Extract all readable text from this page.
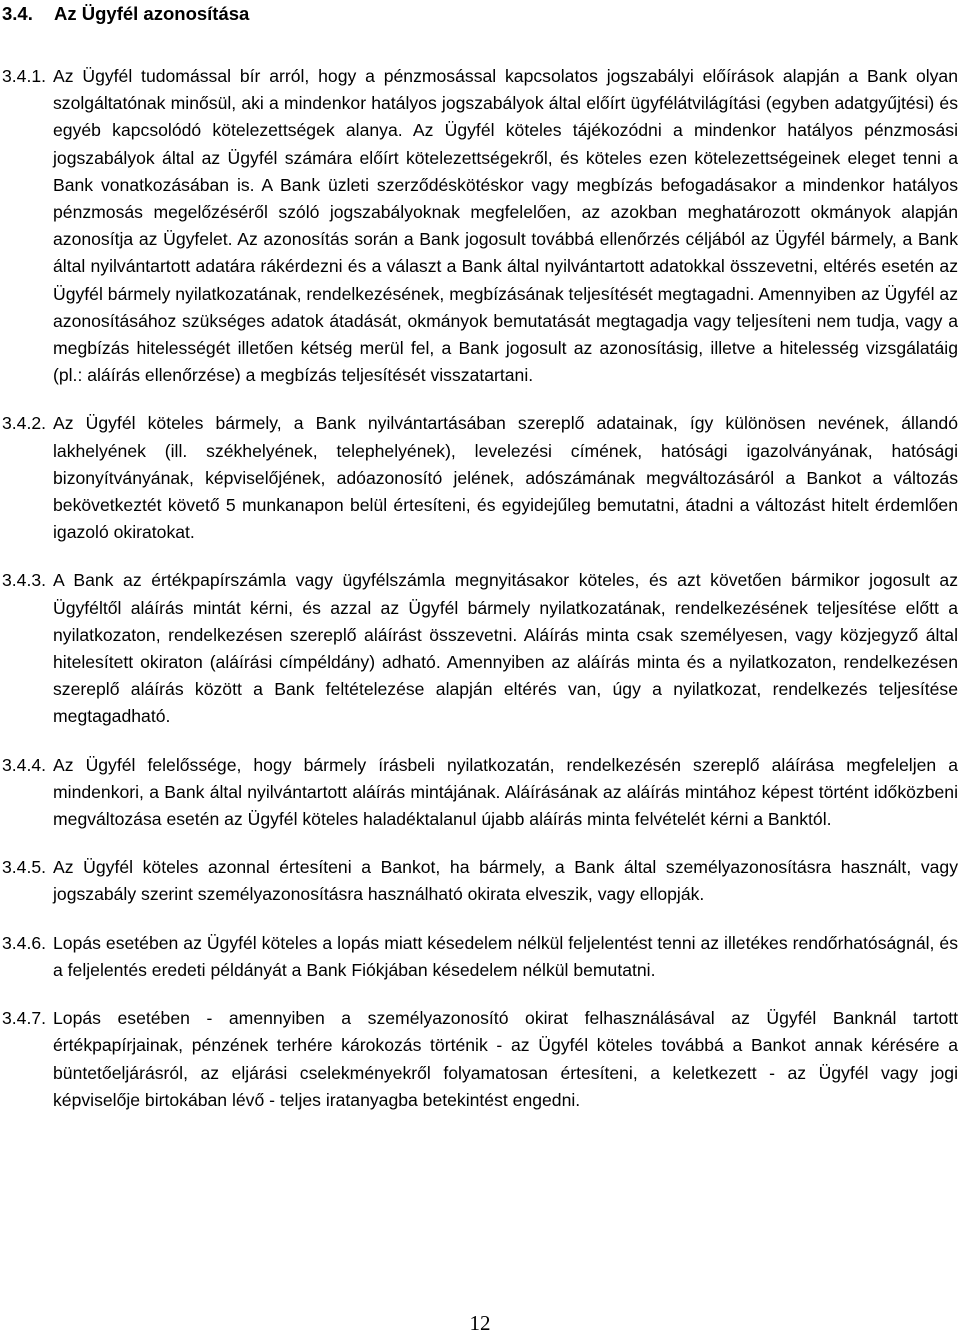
3.4. Az Ügyfél azonosítása
3.4.1. Az Ügyfél tudomással bír arról, hogy a pénzmosással kapcsolatos jogszabályi előírások alapján a Bank olyan szolgáltatónak minősül, aki a mindenkor hatályos jogszabályok által előírt ügyfélátvilágítási (egyben adatgyűjtési) és egyéb kapcsolódó kötelezettségek alanya. Az Ügyfél köteles tájékozódni a mindenkor hatályos pénzmosási jogszabályok által az Ügyfél számára előírt kötelezettségekről, és köteles ezen kötelezettségeinek eleget tenni a Bank vonatkozásában is. A Bank üzleti szerződéskötéskor vagy megbízás befogadásakor a mindenkor hatályos pénzmosás megelőzéséről szóló jogszabályoknak megfelelően, az azokban meghatározott okmányok alapján azonosítja az Ügyfelet. Az azonosítás során a Bank jogosult továbbá ellenőrzés céljából az Ügyfél bármely, a Bank által nyilvántartott adatára rákérdezni és a választ a Bank által nyilvántartott adatokkal összevetni, eltérés esetén az Ügyfél bármely nyilatkozatának, rendelkezésének, megbízásának teljesítését megtagadni. Amennyiben az Ügyfél az azonosításához szükséges adatok átadását, okmányok bemutatását megtagadja vagy teljesíteni nem tudja, vagy a megbízás hitelességét illetően kétség merül fel, a Bank jogosult az azonosításig, illetve a hitelesség vizsgálatáig (pl.: aláírás ellenőrzése) a megbízás teljesítését visszatartani.
3.4.2. Az Ügyfél köteles bármely, a Bank nyilvántartásában szereplő adatainak, így különösen nevének, állandó lakhelyének (ill. székhelyének, telephelyének), levelezési címének, hatósági igazolványának, hatósági bizonyítványának, képviselőjének, adóazonosító jelének, adószámának megváltozásáról a Bankot a változás bekövetkeztét követő 5 munkanapon belül értesíteni, és egyidejűleg bemutatni, átadni a változást hitelt érdemlően igazoló okiratokat.
3.4.3. A Bank az értékpapírszámla vagy ügyfélszámla megnyitásakor köteles, és azt követően bármikor jogosult az Ügyféltől aláírás mintát kérni, és azzal az Ügyfél bármely nyilatkozatának, rendelkezésének teljesítése előtt a nyilatkozaton, rendelkezésen szereplő aláírást összevetni. Aláírás minta csak személyesen, vagy közjegyző által hitelesített okiraton (aláírási címpéldány) adható. Amennyiben az aláírás minta és a nyilatkozaton, rendelkezésen szereplő aláírás között a Bank feltételezése alapján eltérés van, úgy a nyilatkozat, rendelkezés teljesítése megtagadható.
3.4.4. Az Ügyfél felelőssége, hogy bármely írásbeli nyilatkozatán, rendelkezésén szereplő aláírása megfeleljen a mindenkori, a Bank által nyilvántartott aláírás mintájának. Aláírásának az aláírás mintához képest történt időközbeni megváltozása esetén az Ügyfél köteles haladéktalanul újabb aláírás minta felvételét kérni a Banktól.
3.4.5. Az Ügyfél köteles azonnal értesíteni a Bankot, ha bármely, a Bank által személyazonosításra használt, vagy jogszabály szerint személyazonosításra használható okirata elveszik, vagy ellopják.
3.4.6. Lopás esetében az Ügyfél köteles a lopás miatt késedelem nélkül feljelentést tenni az illetékes rendőrhatóságnál, és a feljelentés eredeti példányát a Bank Fiókjában késedelem nélkül bemutatni.
3.4.7. Lopás esetében - amennyiben a személyazonosító okirat felhasználásával az Ügyfél Banknál tartott értékpapírjainak, pénzének terhére károkozás történik - az Ügyfél köteles továbbá a Bankot annak kérésére a büntetőeljárásról, az eljárási cselekményekről folyamatosan értesíteni, a keletkezett - az Ügyfél vagy jogi képviselője birtokában lévő - teljes iratanyagba betekintést engedni.
12
